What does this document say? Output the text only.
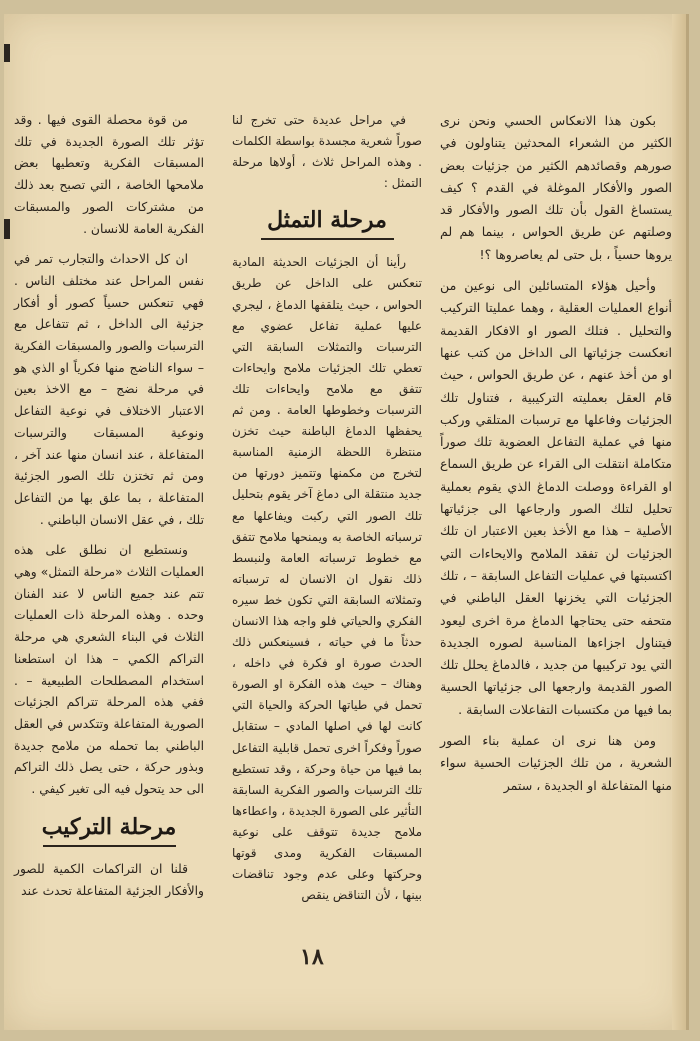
بكون هذا الانعكاس الحسي ونحن نرى الكثير من الشعراء المحدثين يتناولون في صورهم وقصائدهم الكثير من جزئيات بعض الصور والأفكار الموغلة في القدم ؟ كيف يستساغ القول بأن تلك الصور والأفكار قد وصلتهم عن طريق الحواس ، بينما هم لم يروها حسياً ، بل حتى لم يعاصروها ؟!

وأحيل هؤلاء المتسائلين الى نوعين من أنواع العمليات العقلية ، وهما عمليتا التركيب والتحليل . فتلك الصور او الافكار القديمة انعكست جزئياتها الى الداخل من كتب عنها او من أخذ عنهم ، عن طريق الحواس ، حيث قام العقل بعمليته التركيبية ، فتناول تلك الجزئيات وفاعلها مع ترسبات المتلقي وركب منها في عملية التفاعل العضوية تلك صوراً متكاملة انتقلت الى القراء عن طريق السماع او القراءة ووصلت الدماغ الذي يقوم بعملية تحليل لتلك الصور وارجاعها الى جزئياتها الأصلية – هذا مع الأخذ بعين الاعتبار ان تلك الجزئيات لن تفقد الملامح والايحاءات التي اكتسبتها في عمليات التفاعل السابقة – ، تلك الجزئيات التي يخزنها العقل الباطني في متحفه حتى يحتاجها الدماغ مرة اخرى ليعود فيتناول اجزاءها المناسبة لصوره الجديدة التي يود تركيبها من جديد ، فالدماغ يحلل تلك الصور القديمة وارجعها الى جزئياتها الحسية بما فيها من مكتسبات التفاعلات السابقة .

ومن هنا نرى ان عملية بناء الصور الشعرية ، من تلك الجزئيات الحسية سواء منها المتفاعلة او الجديدة ، ستمر

في مراحل عديدة حتى تخرج لنا صوراً شعرية مجسدة بواسطة الكلمات . وهذه المراحل ثلاث ، أولاها مرحلة التمثل :

مرحلة التمثل

رأينا أن الجزئيات الحديثة المادية تنعكس على الداخل عن طريق الحواس ، حيث يتلقفها الدماغ ، ليجري عليها عملية تفاعل عضوي مع الترسبات والتمثلات السابقة التي تعطي تلك الجزئيات ملامح وايحاءات تتفق مع ملامح وايحاءات تلك الترسبات وخطوطها العامة . ومن ثم يحفظها الدماغ الباطنة حيث تخزن منتظرة اللحظة الزمنية المناسبة لتخرج من مكمنها وتتميز دورتها من جديد منتقلة الى دماغ آخر يقوم بتحليل تلك الصور التي ركبت ويفاعلها مع ترسباته الخاصة به ويمنحها ملامح تتفق مع خطوط ترسباته العامة ولنبسط ذلك نقول ان الانسان له ترسباته وتمثلاته السابقة التي تكون خط سيره الفكري والحياتي فلو واجه هذا الانسان حدثاً ما في حياته ، فسينعكس ذلك الحدث صورة او فكرة في داخله ، وهناك – حيث هذه الفكرة او الصورة تحمل في طياتها الحركة والحياة التي كانت لها في اصلها المادي – ستقابل صوراً وفكراً اخرى تحمل قابلية التفاعل بما فيها من حياة وحركة ، وقد تستطيع تلك الترسبات والصور الفكرية السابقة التأثير على الصورة الجديدة ، واعطاءها ملامح جديدة تتوقف على نوعية المسبقات الفكرية ومدى قوتها وحركتها وعلى عدم وجود تناقضات بينها ، لأن التناقض ينقص

من قوة محصلة القوى فيها . وقد تؤثر تلك الصورة الجديدة في تلك المسبقات الفكرية وتعطيها بعض ملامحها الخاصة ، التي تصبح بعد ذلك من مشتركات الصور والمسبقات الفكرية العامة للانسان .

ان كل الاحداث والتجارب تمر في نفس المراحل عند مختلف الناس . فهي تنعكس حسياً كصور أو أفكار جزئية الى الداخل ، ثم تتفاعل مع الترسبات والصور والمسبقات الفكرية – سواء الناضج منها فكرياً او الذي هو في مرحلة نضج – مع الاخذ بعين الاعتبار الاختلاف في نوعية التفاعل ونوعية المسبقات والترسبات المتفاعلة ، عند انسان منها عند آخر ، ومن ثم تختزن تلك الصور الجزئية المتفاعلة ، بما علق بها من التفاعل تلك ، في عقل الانسان الباطني .

ونستطيع ان نطلق على هذه العمليات الثلاث «مرحلة التمثل» وهي تتم عند جميع الناس لا عند الفنان وحده . وهذه المرحلة ذات العمليات الثلاث في البناء الشعري هي مرحلة التراكم الكمي – هذا ان استطعنا استخدام المصطلحات الطبيعية – . ففي هذه المرحلة تتراكم الجزئيات الصورية المتفاعلة وتتكدس في العقل الباطني بما تحمله من ملامح جديدة وبذور حركة ، حتى يصل ذلك التراكم الى حد يتحول فيه الى تغير كيفي .

مرحلة التركيب

قلنا ان التراكمات الكمية للصور والأفكار الجزئية المتفاعلة تحدث عند

١٨
